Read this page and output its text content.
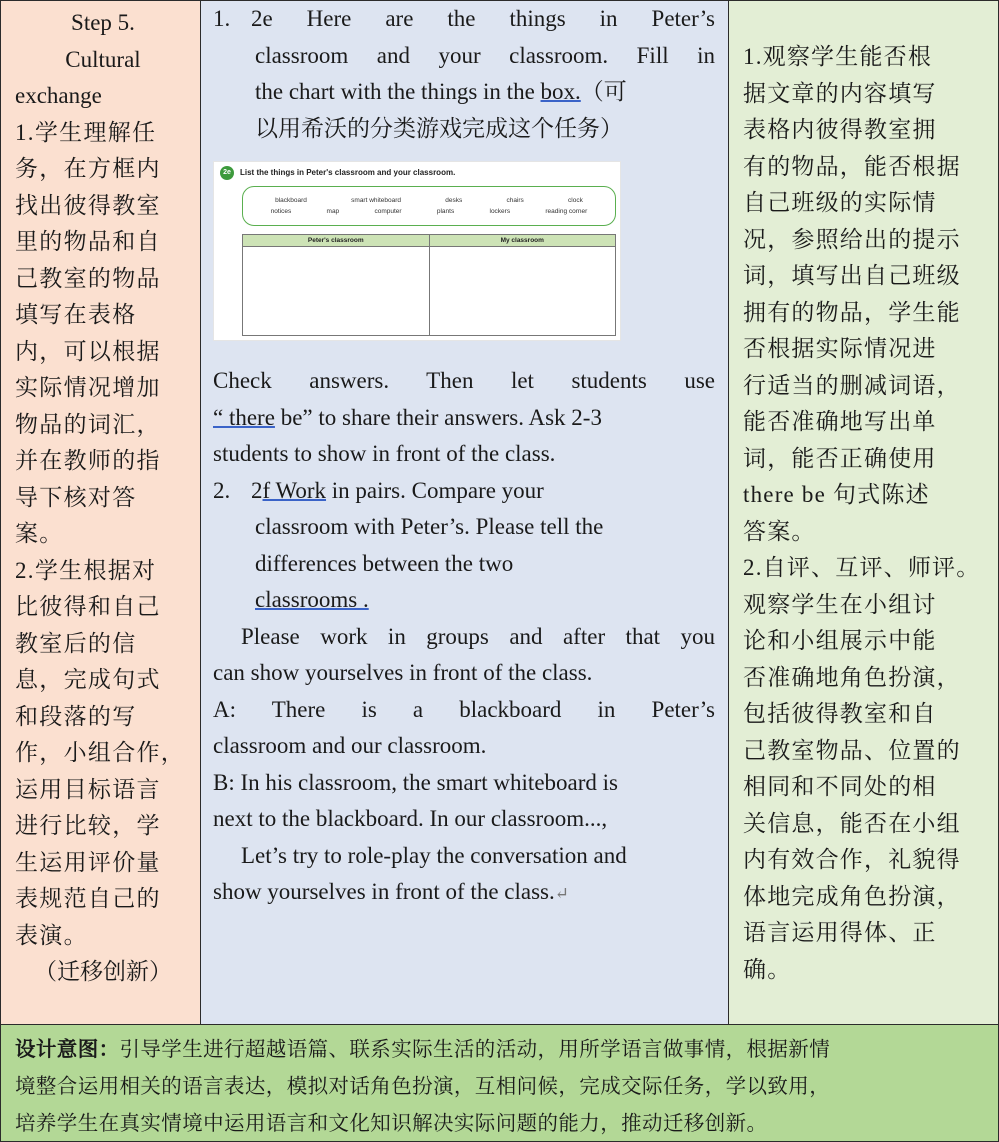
Step 5.
Cultural
exchange
1.学生理解任
务，在方框内
找出彼得教室
里的物品和自
己教室的物品
填写在表格
内，可以根据
实际情况增加
物品的词汇，
并在教师的指
导下核对答
案。
2.学生根据对
比彼得和自己
教室后的信
息，完成句式
和段落的写
作，小组合作，
运用目标语言
进行比较，学
生运用评价量
表规范自己的
表演。
（迁移创新）
1. 2e Here are the things in Peter’s
classroom and your classroom. Fill in
the chart with the things in the box.（可
以用希沃的分类游戏完成这个任务）
2e	List the things in Peter's classroom and your classroom.
blackboard	smart whiteboard	desks	chairs	clock
notices	map	computer	plants	lockers	reading corner
Peter's classroom	My classroom
Check answers. Then let students use
“ there be” to share their answers. Ask 2-3
students to show in front of the class.
2. 2f Work in pairs. Compare your
classroom with Peter’s. Please tell the
differences between the two
classrooms .
Please work in groups and after that you
can show yourselves in front of the class.
A: There is a blackboard in Peter’s
classroom and our classroom.
B: In his classroom, the smart whiteboard is
next to the blackboard. In our classroom...,
Let’s try to role-play the conversation and
show yourselves in front of the class.↵
1.观察学生能否根
据文章的内容填写
表格内彼得教室拥
有的物品，能否根据
自己班级的实际情
况，参照给出的提示
词，填写出自己班级
拥有的物品，学生能
否根据实际情况进
行适当的删减词语，
能否准确地写出单
词，能否正确使用
there be 句式陈述
答案。
2.自评、互评、师评。
观察学生在小组讨
论和小组展示中能
否准确地角色扮演，
包括彼得教室和自
己教室物品、位置的
相同和不同处的相
关信息，能否在小组
内有效合作，礼貌得
体地完成角色扮演，
语言运用得体、正
确。
设计意图：引导学生进行超越语篇、联系实际生活的活动，用所学语言做事情，根据新情
境整合运用相关的语言表达，模拟对话角色扮演，互相问候，完成交际任务，学以致用，
培养学生在真实情境中运用语言和文化知识解决实际问题的能力，推动迁移创新。
